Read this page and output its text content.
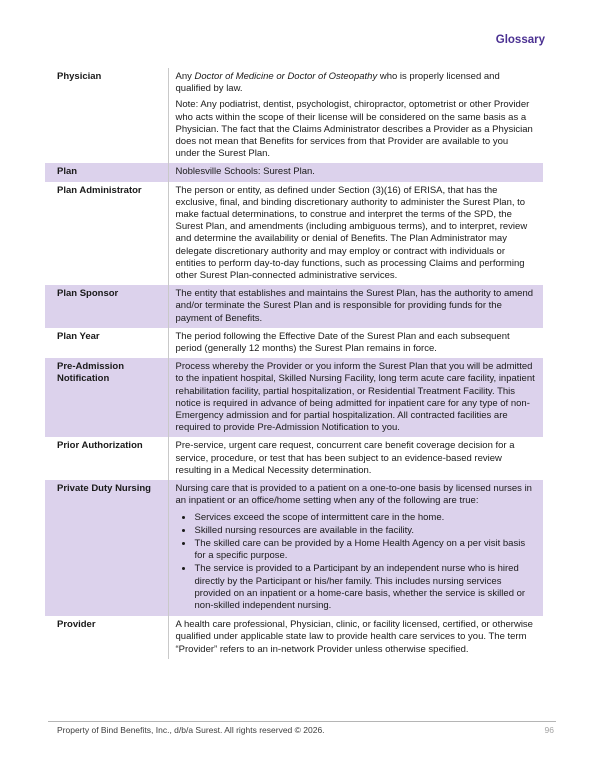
Glossary
Physician	Any Doctor of Medicine or Doctor of Osteopathy who is properly licensed and qualified by law.

Note: Any podiatrist, dentist, psychologist, chiropractor, optometrist or other Provider who acts within the scope of their license will be considered on the same basis as a Physician. The fact that the Claims Administrator describes a Provider as a Physician does not mean that Benefits for services from that Provider are available to you under the Surest Plan.

Plan	Noblesville Schools: Surest Plan.

Plan Administrator	The person or entity, as defined under Section (3)(16) of ERISA, that has the exclusive, final, and binding discretionary authority to administer the Surest Plan, to make factual determinations, to construe and interpret the terms of the SPD, the Surest Plan, and amendments (including ambiguous terms), and to interpret, review and determine the availability or denial of Benefits. The Plan Administrator may delegate discretionary authority and may employ or contract with individuals or entities to perform day-to-day functions, such as processing Claims and performing other Surest Plan-connected administrative services.

Plan Sponsor	The entity that establishes and maintains the Surest Plan, has the authority to amend and/or terminate the Surest Plan and is responsible for providing funds for the payment of Benefits.

Plan Year	The period following the Effective Date of the Surest Plan and each subsequent period (generally 12 months) the Surest Plan remains in force.

Pre-Admission Notification	Process whereby the Provider or you inform the Surest Plan that you will be admitted to the inpatient hospital, Skilled Nursing Facility, long term acute care facility, inpatient rehabilitation facility, partial hospitalization, or Residential Treatment Facility. This notice is required in advance of being admitted for inpatient care for any type of non-Emergency admission and for partial hospitalization. All contracted facilities are required to provide Pre-Admission Notification to you.

Prior Authorization	Pre-service, urgent care request, concurrent care benefit coverage decision for a service, procedure, or test that has been subject to an evidence-based review resulting in a Medical Necessity determination.

Private Duty Nursing	Nursing care that is provided to a patient on a one-to-one basis by licensed nurses in an inpatient or an office/home setting when any of the following are true:

• Services exceed the scope of intermittent care in the home.
• Skilled nursing resources are available in the facility.
• The skilled care can be provided by a Home Health Agency on a per visit basis for a specific purpose.
• The service is provided to a Participant by an independent nurse who is hired directly by the Participant or his/her family. This includes nursing services provided on an inpatient or a home-care basis, whether the service is skilled or non-skilled independent nursing.

Provider	A health care professional, Physician, clinic, or facility licensed, certified, or otherwise qualified under applicable state law to provide health care services to you. The term “Provider” refers to an in-network Provider unless otherwise specified.

Property of Bind Benefits, Inc., d/b/a Surest. All rights reserved © 2026.	96
